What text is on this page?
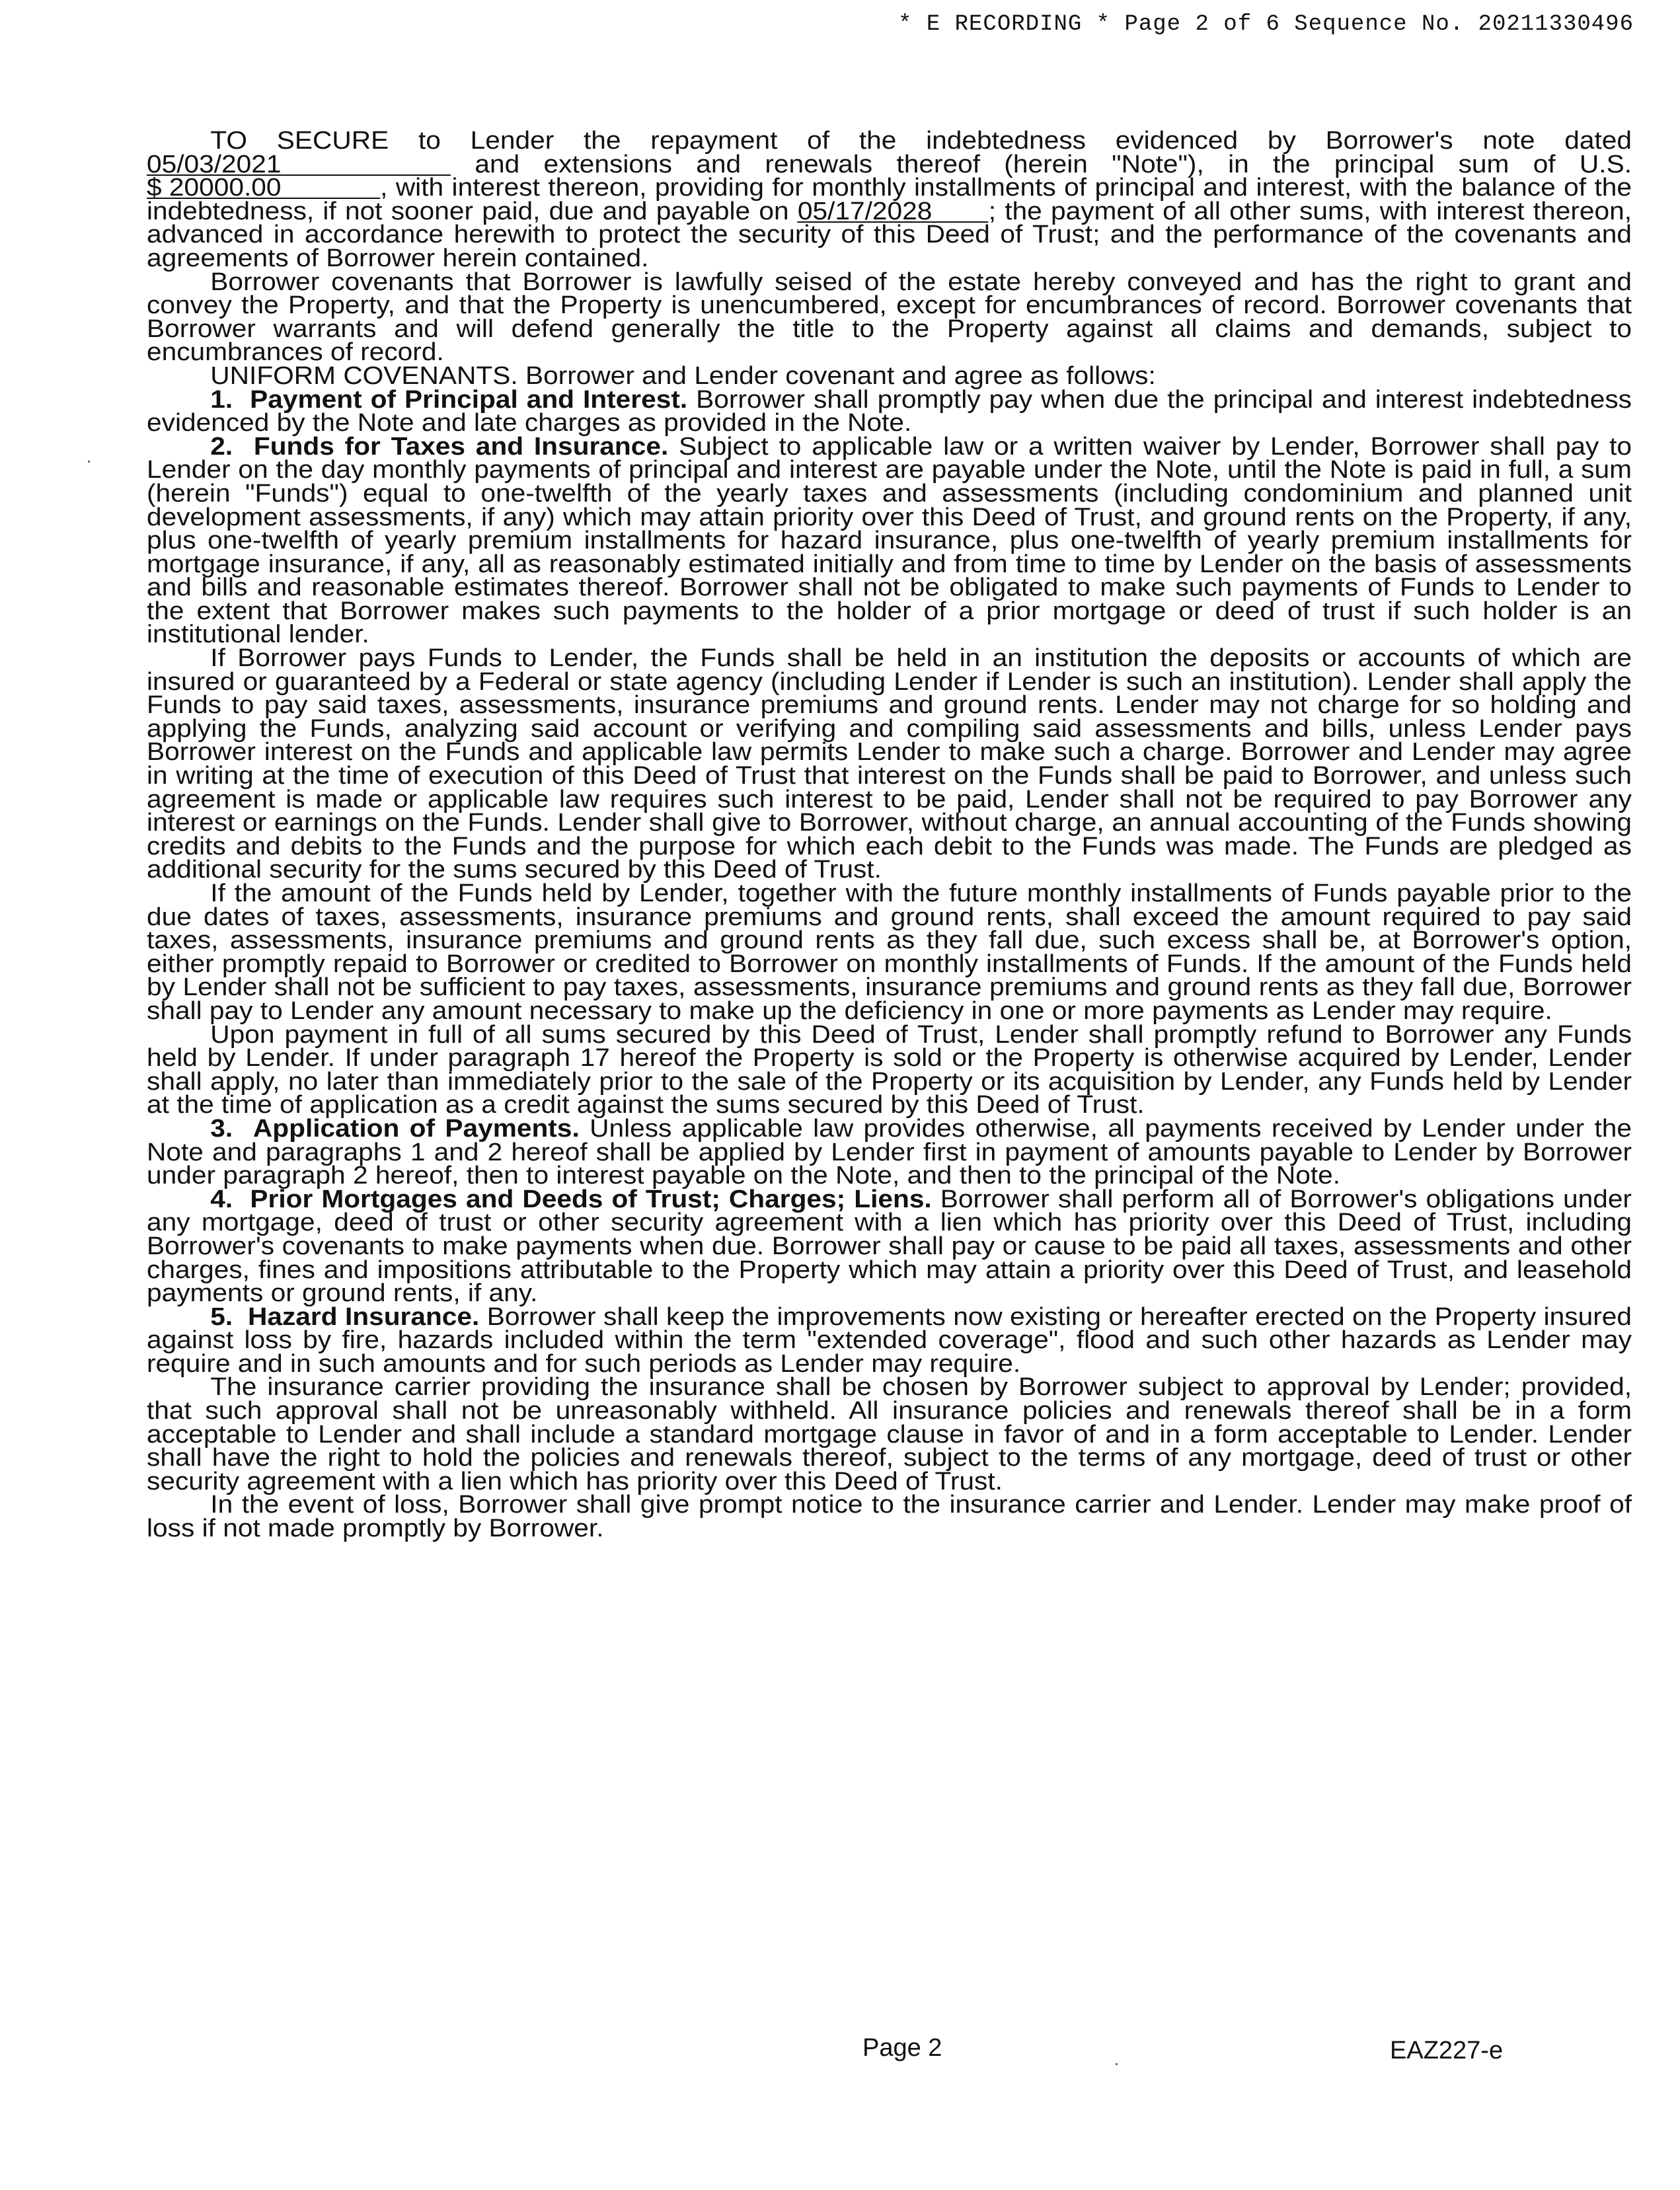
* E RECORDING * Page 2 of 6 Sequence No. 20211330496

TO SECURE to Lender the repayment of the indebtedness evidenced by Borrower's note dated 05/03/2021	and extensions and renewals thereof (herein "Note"), in the principal sum of U.S. $ 20000.00	, with interest thereon, providing for monthly installments of principal and interest, with the balance of the indebtedness, if not sooner paid, due and payable on 05/17/2028 ; the payment of all other sums, with interest thereon, advanced in accordance herewith to protect the security of this Deed of Trust; and the performance of the covenants and agreements of Borrower herein contained.

Borrower covenants that Borrower is lawfully seised of the estate hereby conveyed and has the right to grant and convey the Property, and that the Property is unencumbered, except for encumbrances of record. Borrower covenants that Borrower warrants and will defend generally the title to the Property against all claims and demands, subject to encumbrances of record.

UNIFORM COVENANTS. Borrower and Lender covenant and agree as follows:

1. Payment of Principal and Interest. Borrower shall promptly pay when due the principal and interest indebtedness evidenced by the Note and late charges as provided in the Note.

2. Funds for Taxes and Insurance. Subject to applicable law or a written waiver by Lender, Borrower shall pay to Lender on the day monthly payments of principal and interest are payable under the Note, until the Note is paid in full, a sum (herein "Funds") equal to one-twelfth of the yearly taxes and assessments (including condominium and planned unit development assessments, if any) which may attain priority over this Deed of Trust, and ground rents on the Property, if any, plus one-twelfth of yearly premium installments for hazard insurance, plus one-twelfth of yearly premium installments for mortgage insurance, if any, all as reasonably estimated initially and from time to time by Lender on the basis of assessments and bills and reasonable estimates thereof. Borrower shall not be obligated to make such payments of Funds to Lender to the extent that Borrower makes such payments to the holder of a prior mortgage or deed of trust if such holder is an institutional lender.

If Borrower pays Funds to Lender, the Funds shall be held in an institution the deposits or accounts of which are insured or guaranteed by a Federal or state agency (including Lender if Lender is such an institution). Lender shall apply the Funds to pay said taxes, assessments, insurance premiums and ground rents. Lender may not charge for so holding and applying the Funds, analyzing said account or verifying and compiling said assessments and bills, unless Lender pays Borrower interest on the Funds and applicable law permits Lender to make such a charge. Borrower and Lender may agree in writing at the time of execution of this Deed of Trust that interest on the Funds shall be paid to Borrower, and unless such agreement is made or applicable law requires such interest to be paid, Lender shall not be required to pay Borrower any interest or earnings on the Funds. Lender shall give to Borrower, without charge, an annual accounting of the Funds showing credits and debits to the Funds and the purpose for which each debit to the Funds was made. The Funds are pledged as additional security for the sums secured by this Deed of Trust.

If the amount of the Funds held by Lender, together with the future monthly installments of Funds payable prior to the due dates of taxes, assessments, insurance premiums and ground rents, shall exceed the amount required to pay said taxes, assessments, insurance premiums and ground rents as they fall due, such excess shall be, at Borrower's option, either promptly repaid to Borrower or credited to Borrower on monthly installments of Funds. If the amount of the Funds held by Lender shall not be sufficient to pay taxes, assessments, insurance premiums and ground rents as they fall due, Borrower shall pay to Lender any amount necessary to make up the deficiency in one or more payments as Lender may require.

Upon payment in full of all sums secured by this Deed of Trust, Lender shall promptly refund to Borrower any Funds held by Lender. If under paragraph 17 hereof the Property is sold or the Property is otherwise acquired by Lender, Lender shall apply, no later than immediately prior to the sale of the Property or its acquisition by Lender, any Funds held by Lender at the time of application as a credit against the sums secured by this Deed of Trust.

3. Application of Payments. Unless applicable law provides otherwise, all payments received by Lender under the Note and paragraphs 1 and 2 hereof shall be applied by Lender first in payment of amounts payable to Lender by Borrower under paragraph 2 hereof, then to interest payable on the Note, and then to the principal of the Note.

4. Prior Mortgages and Deeds of Trust; Charges; Liens. Borrower shall perform all of Borrower's obligations under any mortgage, deed of trust or other security agreement with a lien which has priority over this Deed of Trust, including Borrower's covenants to make payments when due. Borrower shall pay or cause to be paid all taxes, assessments and other charges, fines and impositions attributable to the Property which may attain a priority over this Deed of Trust, and leasehold payments or ground rents, if any.

5. Hazard Insurance. Borrower shall keep the improvements now existing or hereafter erected on the Property insured against loss by fire, hazards included within the term "extended coverage", flood and such other hazards as Lender may require and in such amounts and for such periods as Lender may require.

The insurance carrier providing the insurance shall be chosen by Borrower subject to approval by Lender; provided, that such approval shall not be unreasonably withheld. All insurance policies and renewals thereof shall be in a form acceptable to Lender and shall include a standard mortgage clause in favor of and in a form acceptable to Lender. Lender shall have the right to hold the policies and renewals thereof, subject to the terms of any mortgage, deed of trust or other security agreement with a lien which has priority over this Deed of Trust.

In the event of loss, Borrower shall give prompt notice to the insurance carrier and Lender. Lender may make proof of loss if not made promptly by Borrower.

Page 2	EAZ227-e
